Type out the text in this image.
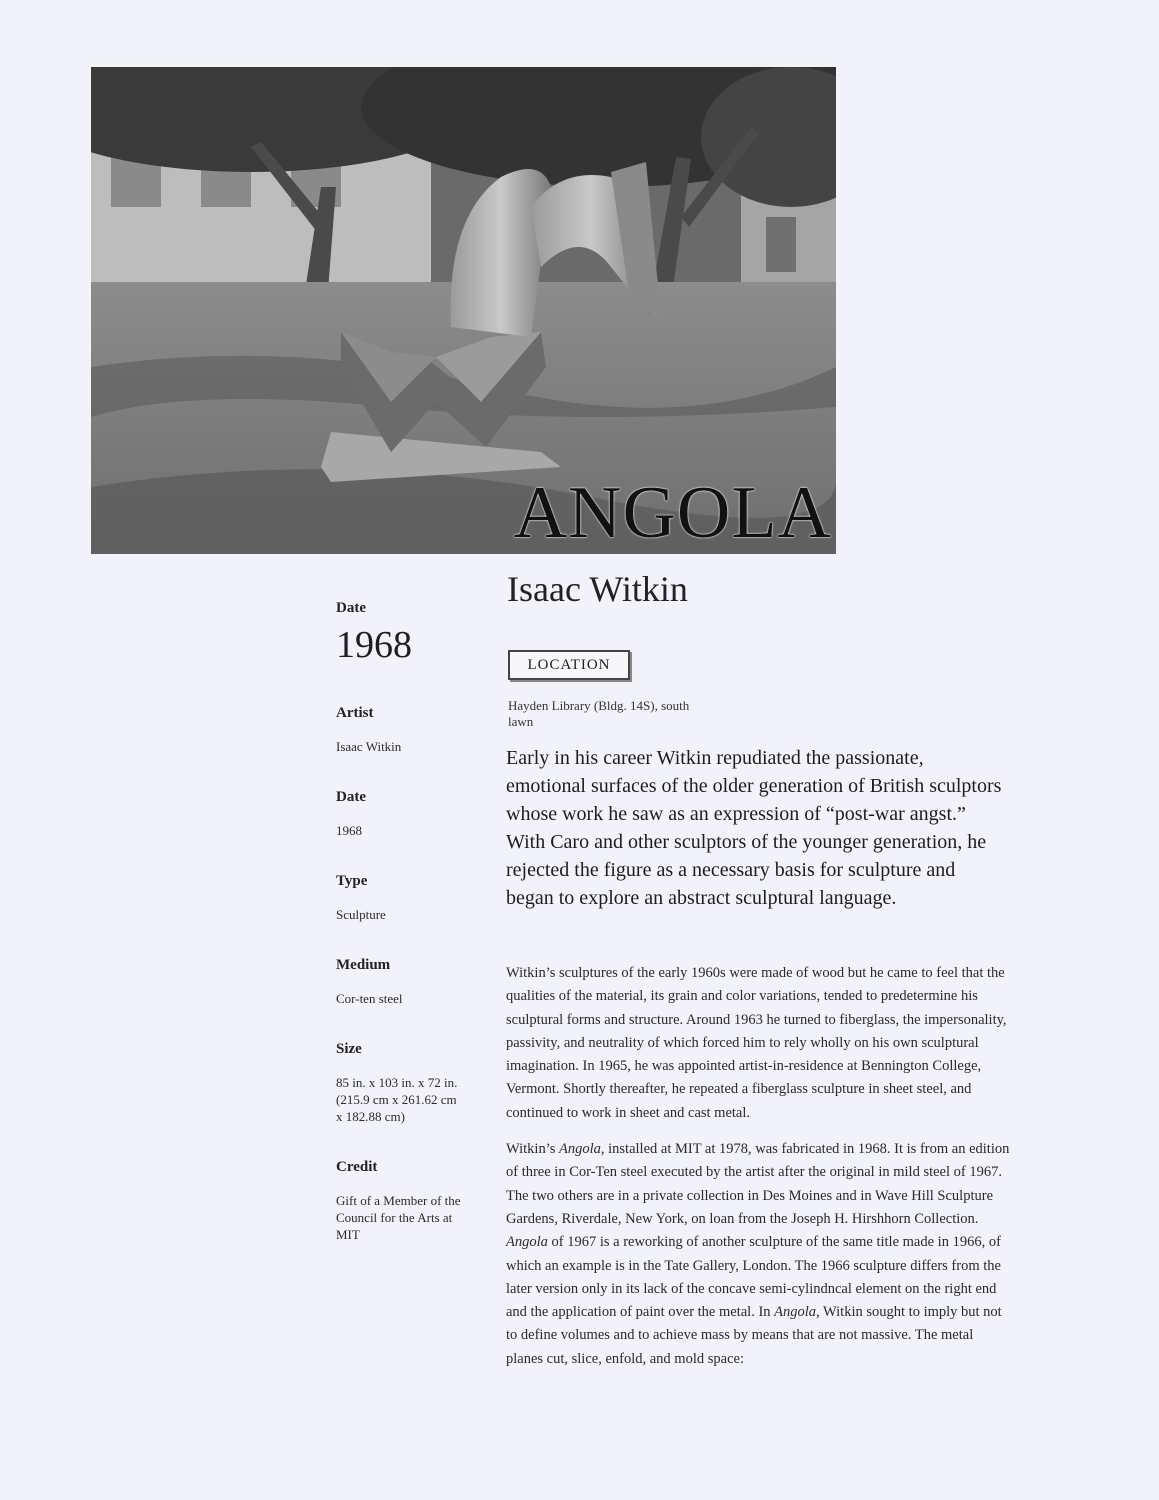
ANGOLA
Isaac Witkin
Date
1968
Artist
Isaac Witkin
Date
1968
Type
Sculpture
Medium
Cor-ten steel
Size
85 in. x 103 in. x 72 in. (215.9 cm x 261.62 cm x 182.88 cm)
Credit
Gift of a Member of the Council for the Arts at MIT
LOCATION
Hayden Library (Bldg. 14S), south lawn
Early in his career Witkin repudiated the passionate, emotional surfaces of the older generation of British sculptors whose work he saw as an expression of “post-war angst.” With Caro and other sculptors of the younger generation, he rejected the figure as a necessary basis for sculpture and began to explore an abstract sculptural language.

Witkin’s sculptures of the early 1960s were made of wood but he came to feel that the qualities of the material, its grain and color variations, tended to predetermine his sculptural forms and structure. Around 1963 he turned to fiberglass, the impersonality, passivity, and neutrality of which forced him to rely wholly on his own sculptural imagination. In 1965, he was appointed artist-in-residence at Bennington College, Vermont. Shortly thereafter, he repeated a fiberglass sculpture in sheet steel, and continued to work in sheet and cast metal.

Witkin’s Angola, installed at MIT at 1978, was fabricated in 1968. It is from an edition of three in Cor-Ten steel executed by the artist after the original in mild steel of 1967. The two others are in a private collection in Des Moines and in Wave Hill Sculpture Gardens, Riverdale, New York, on loan from the Joseph H. Hirshhorn Collection. Angola of 1967 is a reworking of another sculpture of the same title made in 1966, of which an example is in the Tate Gallery, London. The 1966 sculpture differs from the later version only in its lack of the concave semi-cylindncal element on the right end and the application of paint over the metal. In Angola, Witkin sought to imply but not to define volumes and to achieve mass by means that are not massive. The metal planes cut, slice, enfold, and mold space:
